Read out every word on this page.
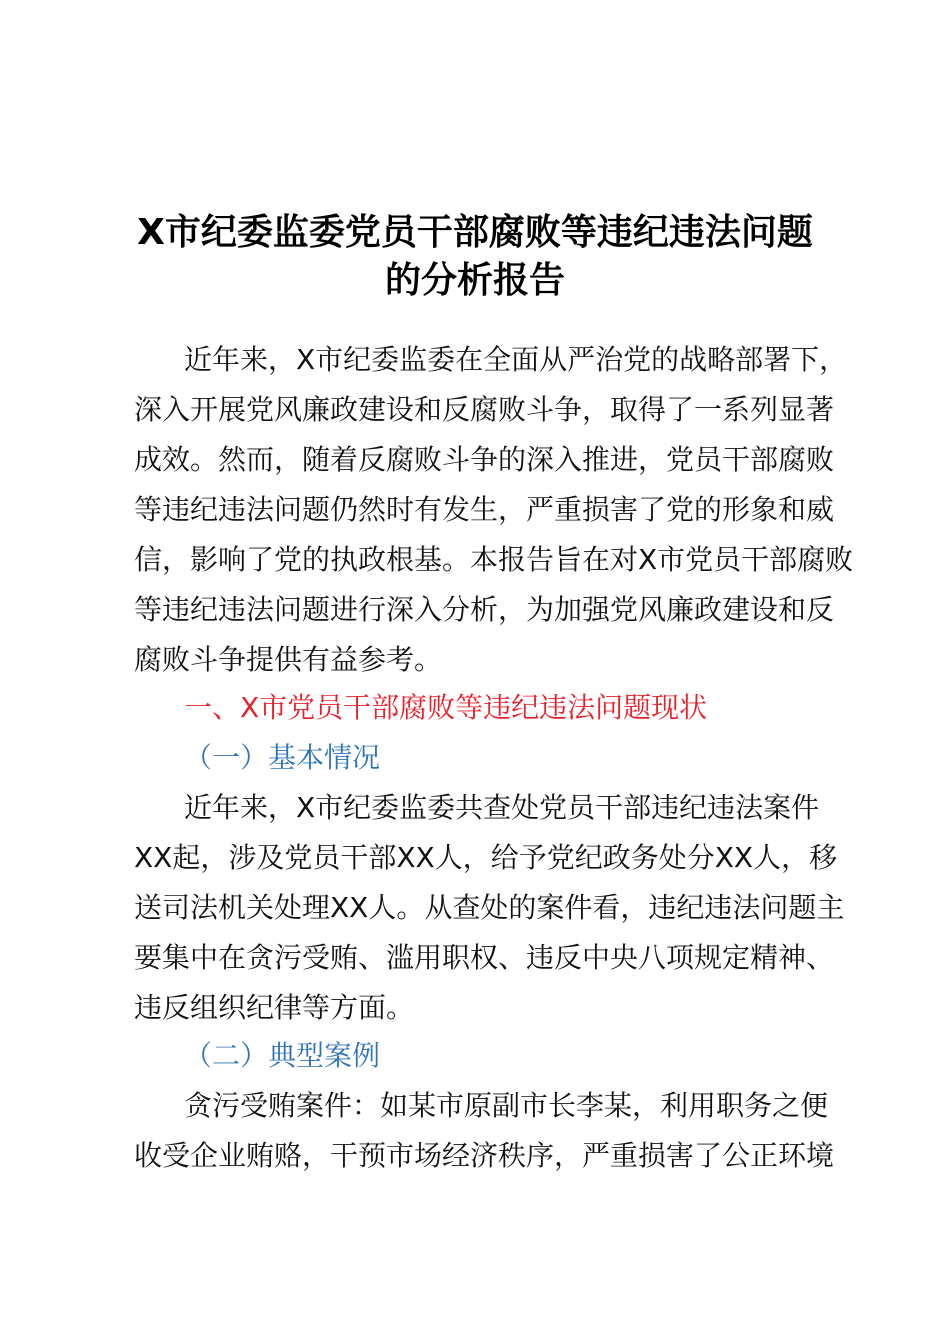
X市纪委监委党员干部腐败等违纪违法问题
的分析报告

近年来，X市纪委监委在全面从严治党的战略部署下，

深入开展党风廉政建设和反腐败斗争，取得了一系列显著

成效。然而，随着反腐败斗争的深入推进，党员干部腐败

等违纪违法问题仍然时有发生，严重损害了党的形象和威

信，影响了党的执政根基。本报告旨在对X市党员干部腐败

等违纪违法问题进行深入分析，为加强党风廉政建设和反

腐败斗争提供有益参考。

一、X市党员干部腐败等违纪违法问题现状

（一）基本情况

近年来，X市纪委监委共查处党员干部违纪违法案件

XX起，涉及党员干部XX人，给予党纪政务处分XX人，移

送司法机关处理XX人。从查处的案件看，违纪违法问题主

要集中在贪污受贿、滥用职权、违反中央八项规定精神、

违反组织纪律等方面。

（二）典型案例

贪污受贿案件：如某市原副市长李某，利用职务之便

收受企业贿赂，干预市场经济秩序，严重损害了公正环境
